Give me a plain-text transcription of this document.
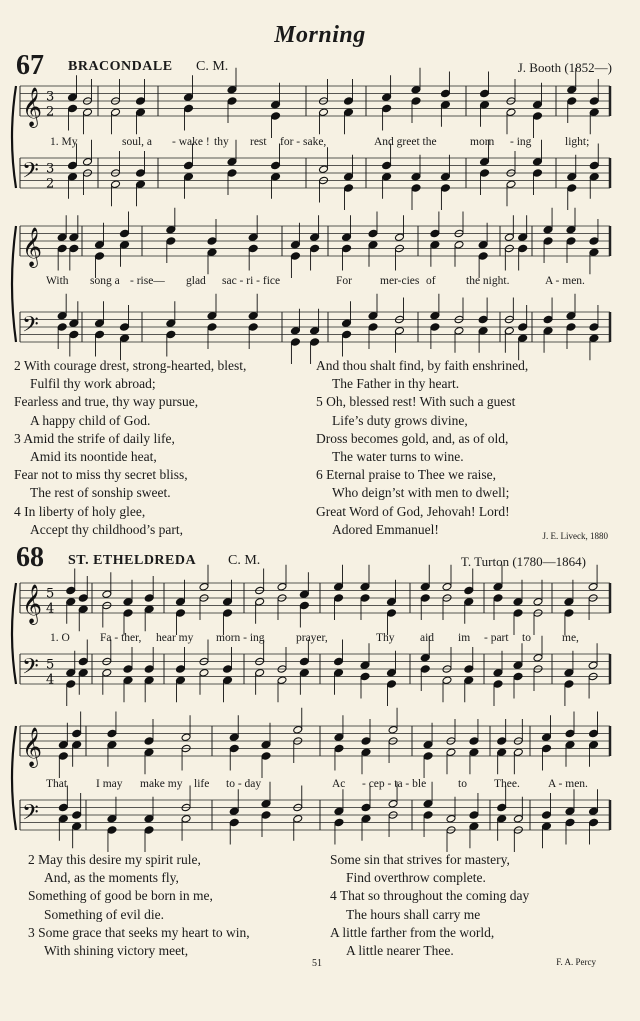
Morning
67 BRACONDALE C. M.	J. Booth (1852—)
𝄞
𝄢
3
2
3
2
𝄞
𝄢
𝄞
𝄢
5
4
5
4
𝄞
𝄢
1. My	soul, a - wake ! thy rest for - sake,	And greet the	morn - ing	light;
With song a - rise— glad sac - ri - fice	For mer-cies of	the night.	A - men.
2 With courage drest, strong-hearted, blest,
Fulfil thy work abroad;
Fearless and true, thy way pursue,
A happy child of God.
3 Amid the strife of daily life,
Amid its noontide heat,
Fear not to miss thy secret bliss,
The rest of sonship sweet.
4 In liberty of holy glee,
Accept thy childhood’s part,
And thou shalt find, by faith enshrined,
The Father in thy heart.
5 Oh, blessed rest! With such a guest
Life’s duty grows divine,
Dross becomes gold, and, as of old,
The water turns to wine.
6 Eternal praise to Thee we raise,
Who deign’st with men to dwell;
Great Word of God, Jehovah! Lord!
Adored Emmanuel!	J. E. Liveck, 1880
68 ST. ETHELDREDA C. M.	T. Turton (1780—1864)
1. O	Fa - ther, hear my morn - ing	prayer,	Thy aid im - part to	me,
That	I may make my life to - day	Ac - cep - ta - ble	to Thee. A - men.
2 May this desire my spirit rule,
And, as the moments fly,
Something of good be born in me,
Something of evil die.
3 Some grace that seeks my heart to win,
With shining victory meet,
Some sin that strives for mastery,
Find overthrow complete.
4 That so throughout the coming day
The hours shall carry me
A little farther from the world,
A little nearer Thee.
F. A. Percy
51
